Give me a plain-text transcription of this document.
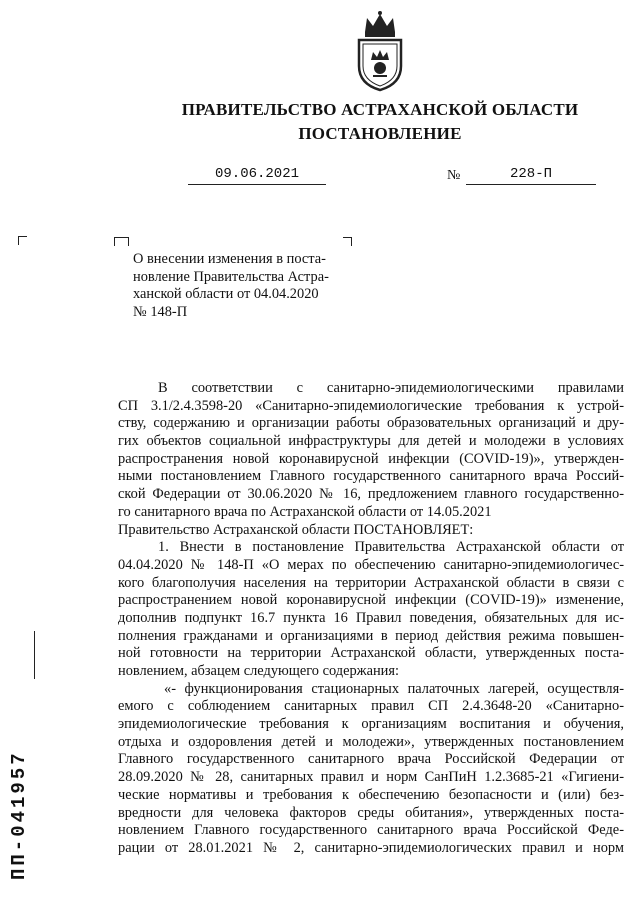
ПРАВИТЕЛЬСТВО АСТРАХАНСКОЙ ОБЛАСТИ
ПОСТАНОВЛЕНИЕ
09.06.2021	№	228-П
О внесении изменения в поста-
новление Правительства Астра-
ханской области от 04.04.2020
№ 148-П
В соответствии с санитарно-эпидемиологическими правилами
СП 3.1/2.4.3598-20 «Санитарно-эпидемиологические требования к устрой-
ству, содержанию и организации работы образовательных организаций и дру-
гих объектов социальной инфраструктуры для детей и молодежи в условиях
распространения новой коронавирусной инфекции (COVID-19)», утвержден-
ными постановлением Главного государственного санитарного врача Россий-
ской Федерации от 30.06.2020 № 16, предложением главного государственно-
го санитарного врача по Астраханской области от 14.05.2021
Правительство Астраханской области ПОСТАНОВЛЯЕТ:
1. Внести в постановление Правительства Астраханской области от
04.04.2020 № 148-П «О мерах по обеспечению санитарно-эпидемиологичес-
кого благополучия населения на территории Астраханской области в связи с
распространением новой коронавирусной инфекции (COVID-19)» изменение,
дополнив подпункт 16.7 пункта 16 Правил поведения, обязательных для ис-
полнения гражданами и организациями в период действия режима повышен-
ной готовности на территории Астраханской области, утвержденных поста-
новлением, абзацем следующего содержания:
«- функционирования стационарных палаточных лагерей, осуществля-
емого с соблюдением санитарных правил СП 2.4.3648-20 «Санитарно-
эпидемиологические требования к организациям воспитания и обучения,
отдыха и оздоровления детей и молодежи», утвержденных постановлением
Главного государственного санитарного врача Российской Федерации от
28.09.2020 № 28, санитарных правил и норм СанПиН 1.2.3685-21 «Гигиени-
ческие нормативы и требования к обеспечению безопасности и (или) без-
вредности для человека факторов среды обитания», утвержденных поста-
новлением Главного государственного санитарного врача Российской Феде-
рации от 28.01.2021 № 2, санитарно-эпидемиологических правил и норм
ПП-041957
